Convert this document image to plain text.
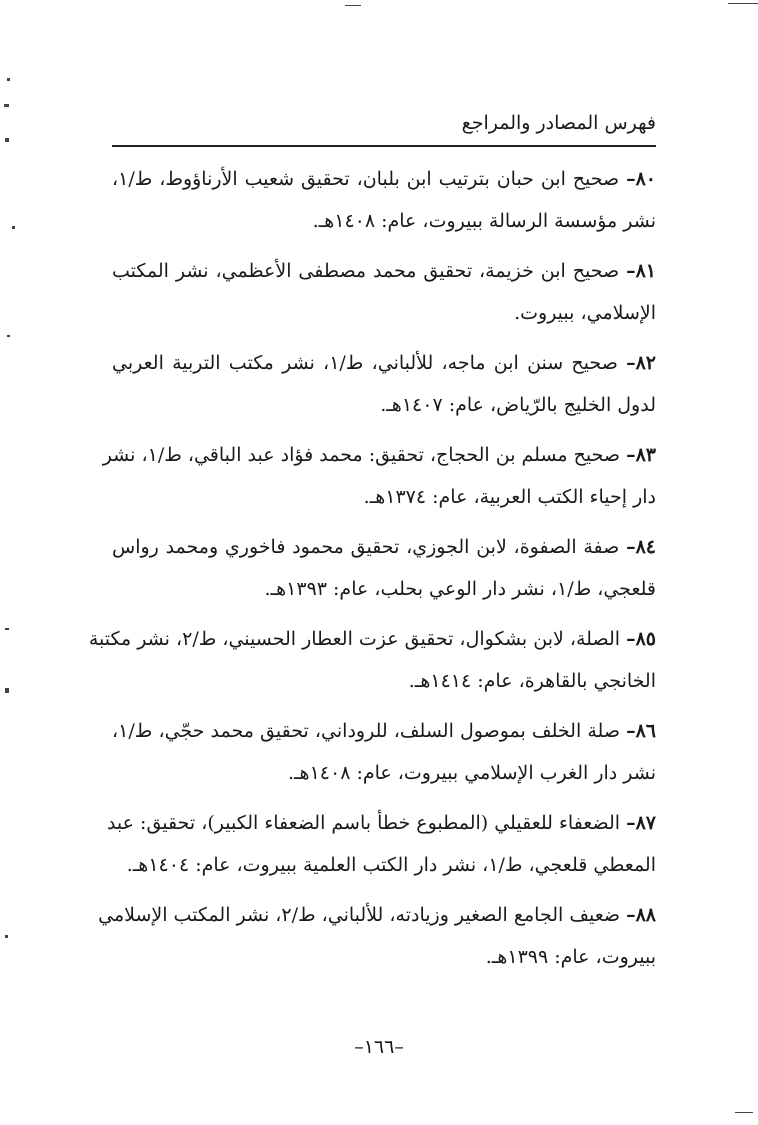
فهرس المصادر والمراجع
٨٠– صحيح ابن حبان بترتيب ابن بلبان، تحقيق شعيب الأرناؤوط، ط/١،
نشر مؤسسة الرسالة ببيروت، عام: ١٤٠٨هـ.
٨١– صحيح ابن خزيمة، تحقيق محمد مصطفى الأعظمي، نشر المكتب
الإسلامي، ببيروت.
٨٢– صحيح سنن ابن ماجه، للألباني، ط/١، نشر مكتب التربية العربي
لدول الخليج بالرّياض، عام: ١٤٠٧هـ.
٨٣– صحيح مسلم بن الحجاج، تحقيق: محمد فؤاد عبد الباقي، ط/١، نشر
دار إحياء الكتب العربية، عام: ١٣٧٤هـ.
٨٤– صفة الصفوة، لابن الجوزي، تحقيق محمود فاخوري ومحمد رواس
قلعجي، ط/١، نشر دار الوعي بحلب، عام: ١٣٩٣هـ.
٨٥– الصلة، لابن بشكوال، تحقيق عزت العطار الحسيني، ط/٢، نشر مكتبة
الخانجي بالقاهرة، عام: ١٤١٤هـ.
٨٦– صلة الخلف بموصول السلف، للروداني، تحقيق محمد حجّي، ط/١،
نشر دار الغرب الإسلامي ببيروت، عام: ١٤٠٨هـ.
٨٧– الضعفاء للعقيلي (المطبوع خطأ باسم الضعفاء الكبير)، تحقيق: عبد
المعطي قلعجي، ط/١، نشر دار الكتب العلمية ببيروت، عام: ١٤٠٤هـ.
٨٨– ضعيف الجامع الصغير وزيادته، للألباني، ط/٢، نشر المكتب الإسلامي
ببيروت، عام: ١٣٩٩هـ.
–١٦٦–
